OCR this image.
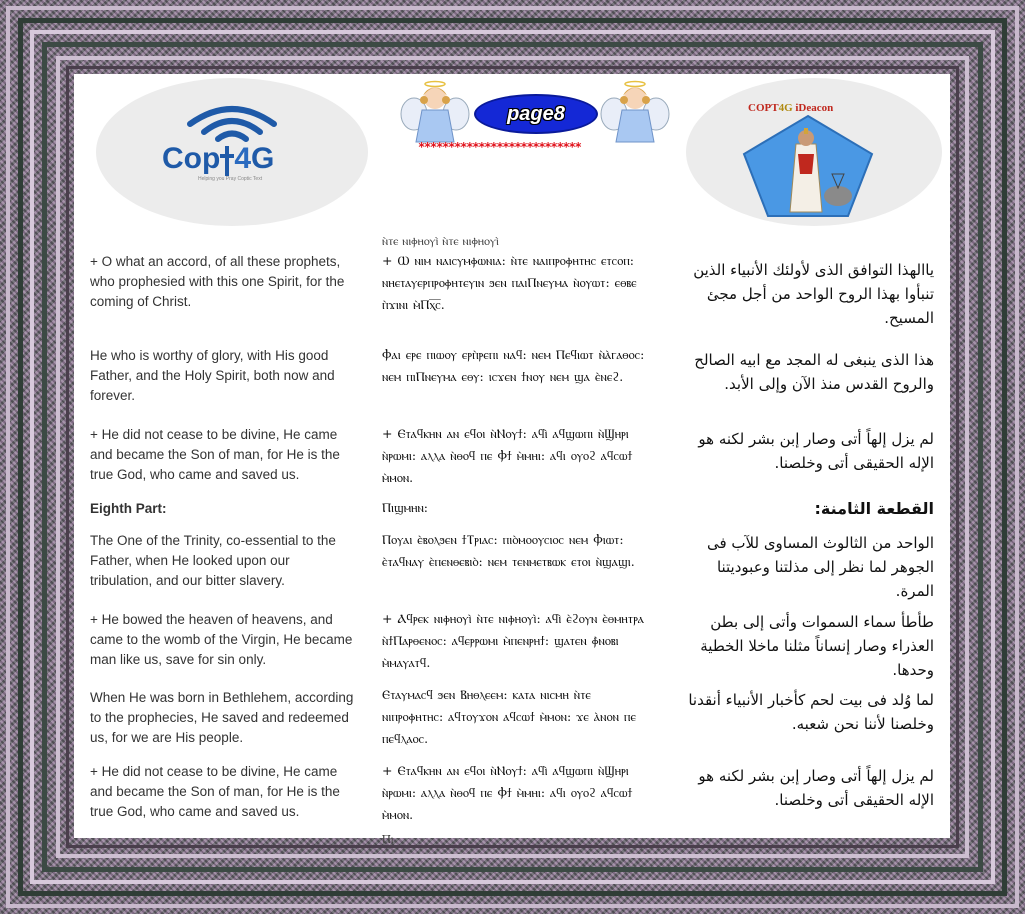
Cop 4G
Helping you Pray Coptic Text
page8
***************************
COPT4G iDeacon
ⲛ̀ⲧⲉ ⲛⲓⲫⲏⲟⲩⲓ̀ ⲛ̀ⲧⲉ ⲛⲓⲫⲏⲟⲩⲓ̀
+ O what an accord, of all these prophets, who prophesied with this one Spirit, for the coming of Christ.
+ Ⲱ ⲛⲓⲙ ⲛⲁⲓⲥⲩⲙⲫⲱⲛⲓⲁ: ⲛ̀ⲧⲉ ⲛⲁⲓⲡⲣⲟⲫⲏⲧⲏⲥ ⲉⲧⲥⲟⲡ: ⲛⲏⲉⲧⲁⲩⲉⲣⲡⲣⲟⲫⲏⲧⲉⲩⲓⲛ ϧⲉⲛ ⲡⲁⲓⲠⲛⲉⲩⲙⲁ ⲛ̀ⲟⲩⲱⲧ: ⲉⲑⲃⲉ ⲡ̀ϫⲓⲛⲓ ⲙ̀Ⲡⲭ̅ⲥ̅.
ياالهذا التوافق الذى لأولئك الأنبياء الذين تنبأوا بهذا الروح الواحد من أجل مجئ المسيح.
He who is worthy of glory, with His good Father, and the Holy Spirit, both now and forever.
Ⲫⲁⲓ ⲉⲣⲉ ⲡⲓⲱⲟⲩ ⲉⲣⲡ̀ⲣⲉⲡⲓ ⲛⲁϥ: ⲛⲉⲙ Ⲡⲉϥⲓⲱⲧ ⲛ̀ⲁ̀ⲅⲁⲑⲟⲥ: ⲛⲉⲙ ⲡⲓⲠⲛⲉⲩⲙⲁ ⲉⲑⲩ: ⲓⲥϫⲉⲛ ϯⲛⲟⲩ ⲛⲉⲙ ϣⲁ ⲉ̀ⲛⲉϩ.
هذا الذى ينبغى له المجد مع ابيه الصالح والروح القدس منذ الآن وإلى الأبد.
+ He did not cease to be divine, He came and became the Son of man, for He is the true God, who came and saved us.
+ Ⲉⲧⲁϥⲕⲏⲛ ⲁⲛ ⲉϥⲟⲓ ⲛ̀Ⲛⲟⲩϯ: ⲁϥⲓ̀ ⲁϥϣⲱⲡⲓ ⲛ̀Ϣⲏⲣⲓ ⲛ̀ⲣⲱⲙⲓ: ⲁⲗⲗⲁ ⲛ̀ⲑⲟϥ ⲡⲉ Ⲫϯ ⲙ̀ⲙⲏⲓ: ⲁϥⲓ ⲟⲩⲟϩ ⲁϥⲥⲱϯ ⲙ̀ⲙⲟⲛ.
لم يزل إلهاً أتى وصار إبن بشر لكنه هو الإله الحقيقى أتى وخلصنا.
Eighth Part:	Ⲡⲓϣⲙⲏⲛ:	القطعة الثامنة:
The One of the Trinity, co-essential to the Father, when He looked upon our tribulation, and our bitter slavery.
Ⲡⲟⲩⲁⲓ ⲉ̀ⲃⲟⲗϧⲉⲛ ϯⲦⲣⲓⲁⲥ: ⲡⲓⲟ̀ⲙⲟⲟⲩⲥⲓⲟⲥ ⲛⲉⲙ Ⲫⲓⲱⲧ: ⲉ̀ⲧⲁϥⲛⲁⲩ ⲉ̀ⲡⲉⲛⲑⲉⲃⲓⲟ̀: ⲛⲉⲙ ⲧⲉⲛⲙⲉⲧⲃⲱⲕ ⲉⲧⲟⲓ ⲛ̀ϣⲁϣⲓ.
الواحد من الثالوث المساوى للآب فى الجوهر لما نظر إلى مذلتنا وعبوديتنا المرة.
+ He bowed the heaven of heavens, and came to the womb of the Virgin, He became man like us, save for sin only.
+ Ⲁϥⲣⲉⲕ ⲛⲓⲫⲏⲟⲩⲓ̀ ⲛ̀ⲧⲉ ⲛⲓⲫⲏⲟⲩⲓ̀: ⲁϥⲓ̀ ⲉ̀ϩⲟⲩⲛ ⲉ̀ⲑⲙⲏⲧⲣⲁ ⲛ̀ϯⲠⲁⲣⲑⲉⲛⲟⲥ: ⲁϥⲉⲣⲣⲱⲙⲓ ⲙ̀ⲡⲉⲛⲣⲏϯ: ϣⲁⲧⲉⲛ ⲫ̀ⲛⲟⲃⲓ ⲙ̀ⲙⲁⲩⲁⲧϥ.
طأطأ سماء السموات وأتى إلى بطن العذراء وصار إنساناً مثلنا ماخلا الخطية وحدها.
When He was born in Bethlehem, according to the prophecies, He saved and redeemed us, for we are His people.
Ⲉⲧⲁⲩⲙⲁⲥϥ ϧⲉⲛ Ⲃⲏⲑⲗⲉⲉⲙ: ⲕⲁⲧⲁ ⲛⲓⲥⲙⲏ ⲛ̀ⲧⲉ ⲛⲓⲡⲣⲟⲫⲏⲧⲏⲥ: ⲁϥⲧⲟⲩϫⲟⲛ ⲁϥⲥⲱϯ ⲙ̀ⲙⲟⲛ: ϫⲉ ⲁ̀ⲛⲟⲛ ⲡⲉ ⲡⲉϥⲗⲁⲟⲥ.
لما وُلد فى بيت لحم كأخبار الأنبياء أنقدنا وخلصنا لأننا نحن شعبه.
+ He did not cease to be divine, He came and became the Son of man, for He is the true God, who came and saved us.
+ Ⲉⲧⲁϥⲕⲏⲛ ⲁⲛ ⲉϥⲟⲓ ⲛ̀Ⲛⲟⲩϯ: ⲁϥⲓ̀ ⲁϥϣⲱⲡⲓ ⲛ̀Ϣⲏⲣⲓ ⲛ̀ⲣⲱⲙⲓ: ⲁⲗⲗⲁ ⲛ̀ⲑⲟϥ ⲡⲉ Ⲫϯ ⲙ̀ⲙⲏⲓ: ⲁϥⲓ ⲟⲩⲟϩ ⲁϥⲥⲱϯ ⲙ̀ⲙⲟⲛ.
لم يزل إلهاً أتى وصار إبن بشر لكنه هو الإله الحقيقى أتى وخلصنا.
